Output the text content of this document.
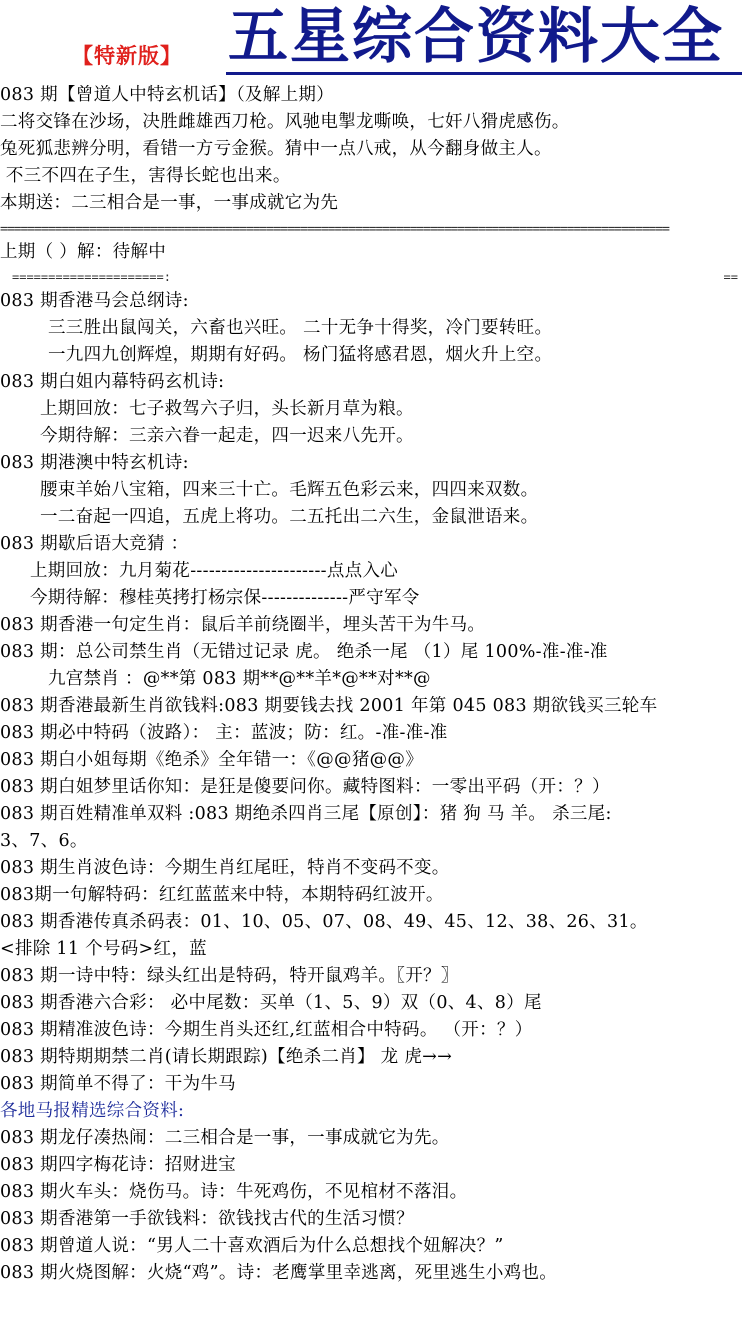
【特新版】 五星综合资料大全
083 期【曾道人中特玄机话】（及解上期）
二将交锋在沙场，决胜雌雄西刀枪。风驰电掣龙嘶唤，七奸八猾虎感伤。
兔死狐悲辨分明，看错一方亏金猴。猜中一点八戒，从今翻身做主人。
不三不四在子生，害得长蛇也出来。
本期送：二三相合是一事，一事成就它为先
==================================================================================================
上期（ ）解：待解中
=====================:	==
083 期香港马会总纲诗:
三三胜出鼠闯关，六畜也兴旺。 二十无争十得奖，冷门要转旺。
一九四九创辉煌，期期有好码。 杨门猛将感君恩，烟火升上空。
083 期白姐内幕特码玄机诗:
上期回放：七子救驾六子归，头长新月草为粮。
今期待解：三亲六眷一起走，四一迟来八先开。
083 期港澳中特玄机诗:
腰束羊始八宝箱，四来三十亡。毛辉五色彩云来，四四来双数。
一二奋起一四追，五虎上将功。二五托出二六生，金鼠泄语来。
083 期歇后语大竞猜 ：
上期回放：九月菊花----------------------点点入心
今期待解：穆桂英拷打杨宗保--------------严守军令
083 期香港一句定生肖：鼠后羊前绕圈半，埋头苦干为牛马。
083 期：总公司禁生肖（无错过记录 虎。 绝杀一尾 （1）尾 100%-准-准-准
九宫禁肖 ：@**第 083 期**@**羊*@**对**@
083 期香港最新生肖欲钱料:083 期要钱去找 2001 年第 045 083 期欲钱买三轮车
083 期必中特码（波路）： 主：蓝波；防：红。-准-准-准
083 期白小姐每期《绝杀》全年错一：《@@猪@@》
083 期白姐梦里话你知：是狂是傻要问你。藏特图料：一零出平码（开：？）
083 期百姓精准单双料 :083 期绝杀四肖三尾【原创】：猪 狗 马 羊。 杀三尾:
3、7、6。
083 期生肖波色诗：今期生肖红尾旺，特肖不变码不变。
083期一句解特码：红红蓝蓝来中特，本期特码红波开。
083 期香港传真杀码表：01、10、05、07、08、49、45、12、38、26、31。
<排除 11 个号码>红，蓝
083 期一诗中特：绿头红出是特码，特开鼠鸡羊。〖开？〗
083 期香港六合彩： 必中尾数：买单（1、5、9）双（0、4、8）尾
083 期精准波色诗：今期生肖头还红,红蓝相合中特码。 （开：？）
083 期特期期禁二肖(请长期跟踪)【绝杀二肖】 龙 虎→→
083 期简单不得了：干为牛马
各地马报精选综合资料:
083 期龙仔凑热闹：二三相合是一事，一事成就它为先。
083 期四字梅花诗：招财进宝
083 期火车头：烧伤马。诗：牛死鸡伤，不见棺材不落泪。
083 期香港第一手欲钱料：欲钱找古代的生活习惯？
083 期曾道人说：“男人二十喜欢酒后为什么总想找个妞解决？”
083 期火烧图解：火烧“鸡”。诗：老鹰掌里幸逃离，死里逃生小鸡也。
